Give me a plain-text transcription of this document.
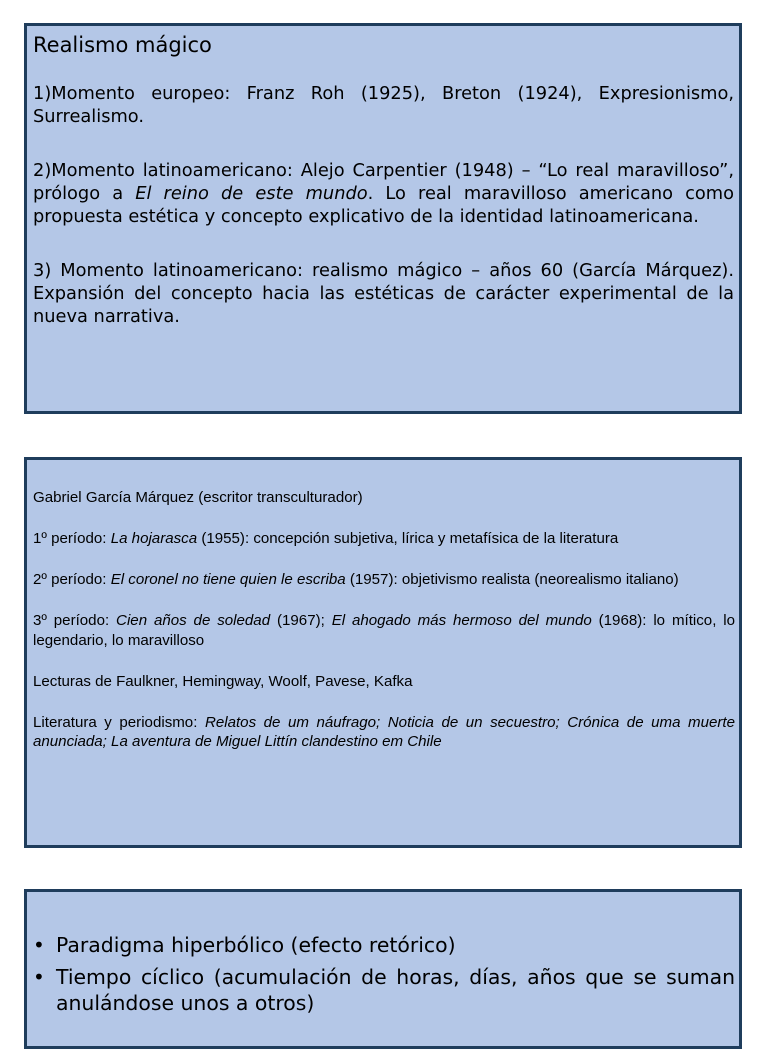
Realismo mágico

1)Momento europeo: Franz Roh (1925), Breton (1924), Expresionismo, Surrealismo.

2)Momento latinoamericano: Alejo Carpentier (1948) – “Lo real maravilloso”, prólogo a El reino de este mundo. Lo real maravilloso americano como propuesta estética y concepto explicativo de la identidad latinoamericana.

3) Momento latinoamericano: realismo mágico – años 60 (García Márquez). Expansión del concepto hacia las estéticas de carácter experimental de la nueva narrativa.

Gabriel García Márquez (escritor transculturador)

1º período: La hojarasca (1955): concepción subjetiva, lírica y metafísica de la literatura

2º período: El coronel no tiene quien le escriba (1957): objetivismo realista (neorealismo italiano)

3º período: Cien años de soledad (1967); El ahogado más hermoso del mundo (1968): lo mítico, lo legendario, lo maravilloso

Lecturas de Faulkner, Hemingway, Woolf, Pavese, Kafka

Literatura y periodismo: Relatos de um náufrago; Noticia de un secuestro; Crónica de uma muerte anunciada; La aventura de Miguel Littín clandestino em Chile

• Paradigma hiperbólico (efecto retórico)
• Tiempo cíclico (acumulación de horas, días, años que se suman anulándose unos a otros)
